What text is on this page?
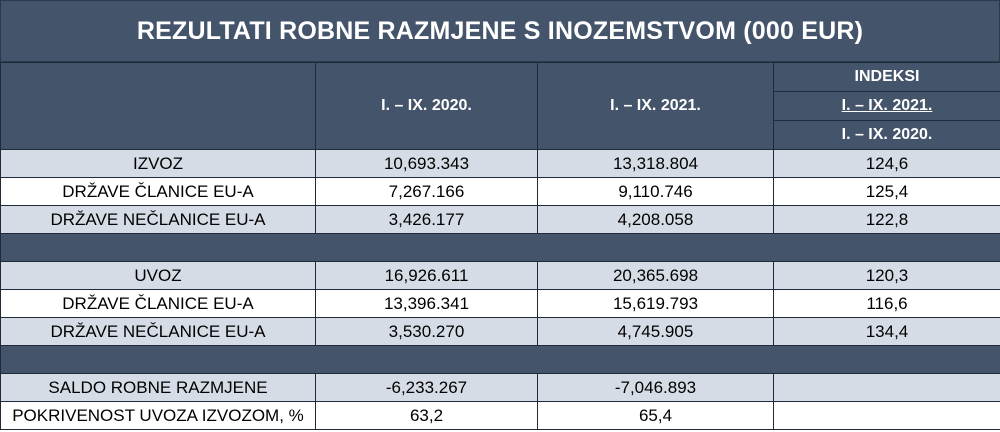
REZULTATI ROBNE RAZMJENE S INOZEMSTVOM (000 EUR)
	I. – IX. 2020.	I. – IX. 2021.	INDEKSI
			I. – IX. 2021.
			I. – IX. 2020.
IZVOZ	10,693.343	13,318.804	124,6
DRŽAVE ČLANICE EU-A	7,267.166	9,110.746	125,4
DRŽAVE NEČLANICE EU-A	3,426.177	4,208.058	122,8

UVOZ	16,926.611	20,365.698	120,3
DRŽAVE ČLANICE EU-A	13,396.341	15,619.793	116,6
DRŽAVE NEČLANICE EU-A	3,530.270	4,745.905	134,4

SALDO ROBNE RAZMJENE	-6,233.267	-7,046.893	
POKRIVENOST UVOZA IZVOZOM, %	63,2	65,4	
